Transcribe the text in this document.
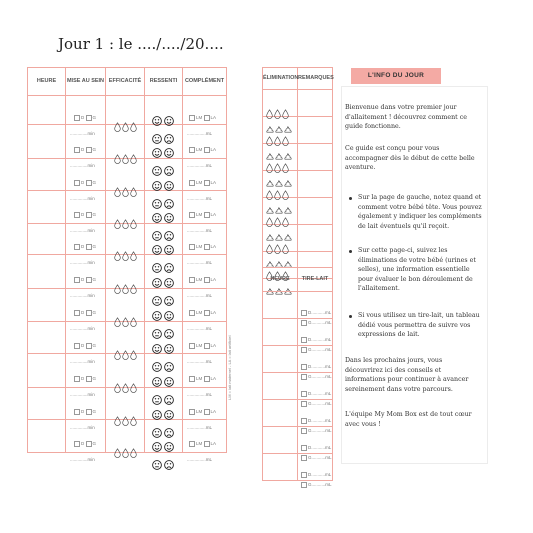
Jour 1 : le ..../..../20....
HEURE	MISE AU SEIN	EFFICACITÉ	RESSENTI	COMPLÉMENT

	D G
..............min			LM LA
...............mL

	D G
..............min			LM LA
...............mL

	D G
..............min			LM LA
...............mL

	D G
..............min			LM LA
...............mL

	D G
..............min			LM LA
...............mL

	D G
..............min			LM LA
...............mL

	D G
..............min			LM LA
...............mL

	D G
..............min			LM LA
...............mL

	D G
..............min			LM LA
...............mL

	D G
..............min			LM LA
...............mL

	D G
..............min			LM LA
...............mL
LM = lait maternel - LA = lait artificiel
ÉLIMINATION	REMARQUES

HEURE	TIRE-LAIT

	D...........mL
G...........mL

	D...........mL
G...........mL

	D...........mL
G...........mL

	D...........mL
G...........mL

	D...........mL
G...........mL

	D...........mL
G...........mL

	D...........mL
G...........mL
L'INFO DU JOUR
Bienvenue dans votre premier jour
d'allaitement ! découvrez comment ce
guide fonctionne.
Ce guide est conçu pour vous
accompagner dès le début de cette belle
aventure.
Sur la page de gauche, notez quand et
comment votre bébé tête. Vous pouvez
également y indiquer les compléments
de lait éventuels qu'il reçoit.
Sur cette page-ci, suivez les
éliminations de votre bébé (urines et
selles), une information essentielle
pour évaluer le bon déroulement de
l'allaitement.
Si vous utilisez un tire-lait, un tableau
dédié vous permettra de suivre vos
expressions de lait.
Dans les prochains jours, vous
découvrirez ici des conseils et
informations pour continuer à avancer
sereinement dans votre parcours.
L'équipe My Mom Box est de tout cœur
avec vous !
